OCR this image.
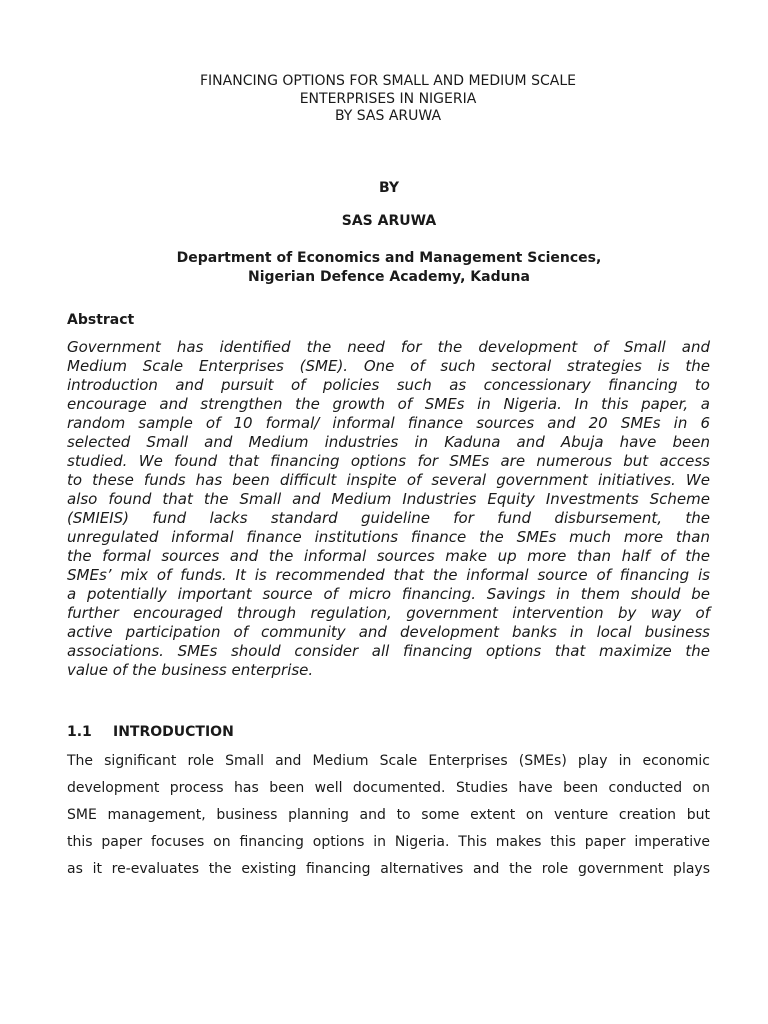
FINANCING OPTIONS FOR SMALL AND MEDIUM SCALE
ENTERPRISES IN NIGERIA
BY SAS ARUWA
BY
SAS ARUWA
Department of Economics and Management Sciences,
Nigerian Defence Academy, Kaduna
Abstract
Government has identified the need for the development of Small and
Medium Scale Enterprises (SME). One of such sectoral strategies is the
introduction and pursuit of policies such as concessionary financing to
encourage and strengthen the growth of SMEs in Nigeria. In this paper, a
random sample of 10 formal/ informal finance sources and 20 SMEs in 6
selected Small and Medium industries in Kaduna and Abuja have been
studied. We found that financing options for SMEs are numerous but access
to these funds has been difficult inspite of several government initiatives. We
also found that the Small and Medium Industries Equity Investments Scheme
(SMIEIS) fund lacks standard guideline for fund disbursement, the
unregulated informal finance institutions finance the SMEs much more than
the formal sources and the informal sources make up more than half of the
SMEs’ mix of funds. It is recommended that the informal source of financing is
a potentially important source of micro financing. Savings in them should be
further encouraged through regulation, government intervention by way of
active participation of community and development banks in local business
associations. SMEs should consider all financing options that maximize the
value of the business enterprise.
1.1 INTRODUCTION
The significant role Small and Medium Scale Enterprises (SMEs) play in economic
development process has been well documented. Studies have been conducted on
SME management, business planning and to some extent on venture creation but
this paper focuses on financing options in Nigeria. This makes this paper imperative
as it re-evaluates the existing financing alternatives and the role government plays
